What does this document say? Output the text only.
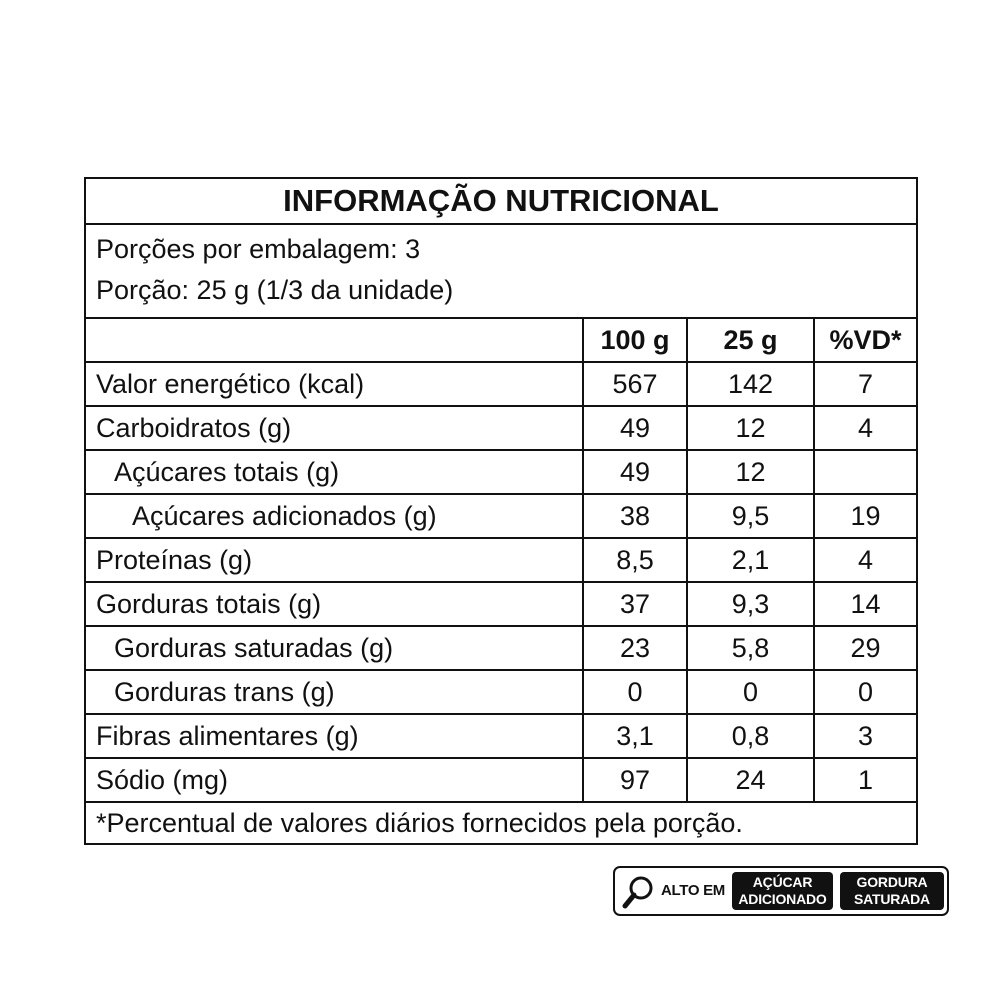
INFORMAÇÃO NUTRICIONAL
Porções por embalagem: 3
Porção: 25 g (1/3 da unidade)
	100 g	25 g	%VD*
Valor energético (kcal)	567	142	7
Carboidratos (g)	49	12	4
Açúcares totais (g)	49	12	
Açúcares adicionados (g)	38	9,5	19
Proteínas (g)	8,5	2,1	4
Gorduras totais (g)	37	9,3	14
Gorduras saturadas (g)	23	5,8	29
Gorduras trans (g)	0	0	0
Fibras alimentares (g)	3,1	0,8	3
Sódio (mg)	97	24	1
*Percentual de valores diários fornecidos pela porção.
ALTO EM	AÇÚCAR
ADICIONADO
GORDURA
SATURADA
